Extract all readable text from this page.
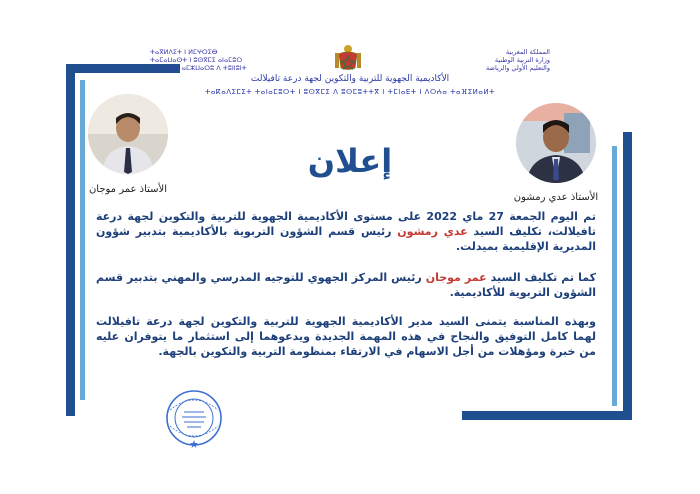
ⵜⴰⴳⵍⴷⵉⵜ ⵏ ⵍⵎⵖⵔⵉⴱ
ⵜⴰⵎⴰⵡⴰⵙⵜ ⵏ ⵓⵙⴳⵎⵉ ⴰⵏⴰⵎⵓⵔ
ⴷ ⵓⵙⵍⵎⴷ ⴰⵎⵣⵡⴰⵔⵓ ⴷ ⵜⵓⵏⵏⵓⵏⵜ
المملكة المغربية
وزارة التربية الوطنية
والتعليم الأولي والرياضة
الأكاديمية الجهوية للتربية والتكوين لجهة درعة تافيلالت
ⵜⴰⴽⴰⴷⵉⵎⵉⵜ ⵜⴰⵏⴰⵎⵓⵔⵜ ⵏ ⵓⵙⴳⵎⵉ ⴷ ⵓⵙⵎⵓⵜⵜⴳ ⵏ ⵜⵎⵏⴰⴹⵜ ⵏ ⴷⵔⵄⴰ ⵜⴰⴼⵉⵍⴰⵍⵜ
الأستاذ عمر موجان
الأستاذ عدي رمشون
إعلان
تم اليوم الجمعة 27 ماي 2022 على مستوى الأكاديمية الجهوية للتربية والتكوين لجهة درعة تافيلالت، تكليف السيد عدي رمشون رئيس قسم الشؤون التربوية بالأكاديمية بتدبير شؤون المديرية الإقليمية بميدلت.
كما تم تكليف السيد عمر موجان رئيس المركز الجهوي للتوجيه المدرسي والمهني بتدبير قسم الشؤون التربوية للأكاديمية.
وبهذه المناسبة يتمنى السيد مدير الأكاديمية الجهوية للتربية والتكوين لجهة درعة تافيلالت لهما كامل التوفيق والنجاح في هذه المهمة الجديدة ويدعوهما إلى استثمار ما يتوفران عليه من خبرة ومؤهلات من أجل الاسهام في الارتقاء بمنظومة التربية والتكوين بالجهة.
